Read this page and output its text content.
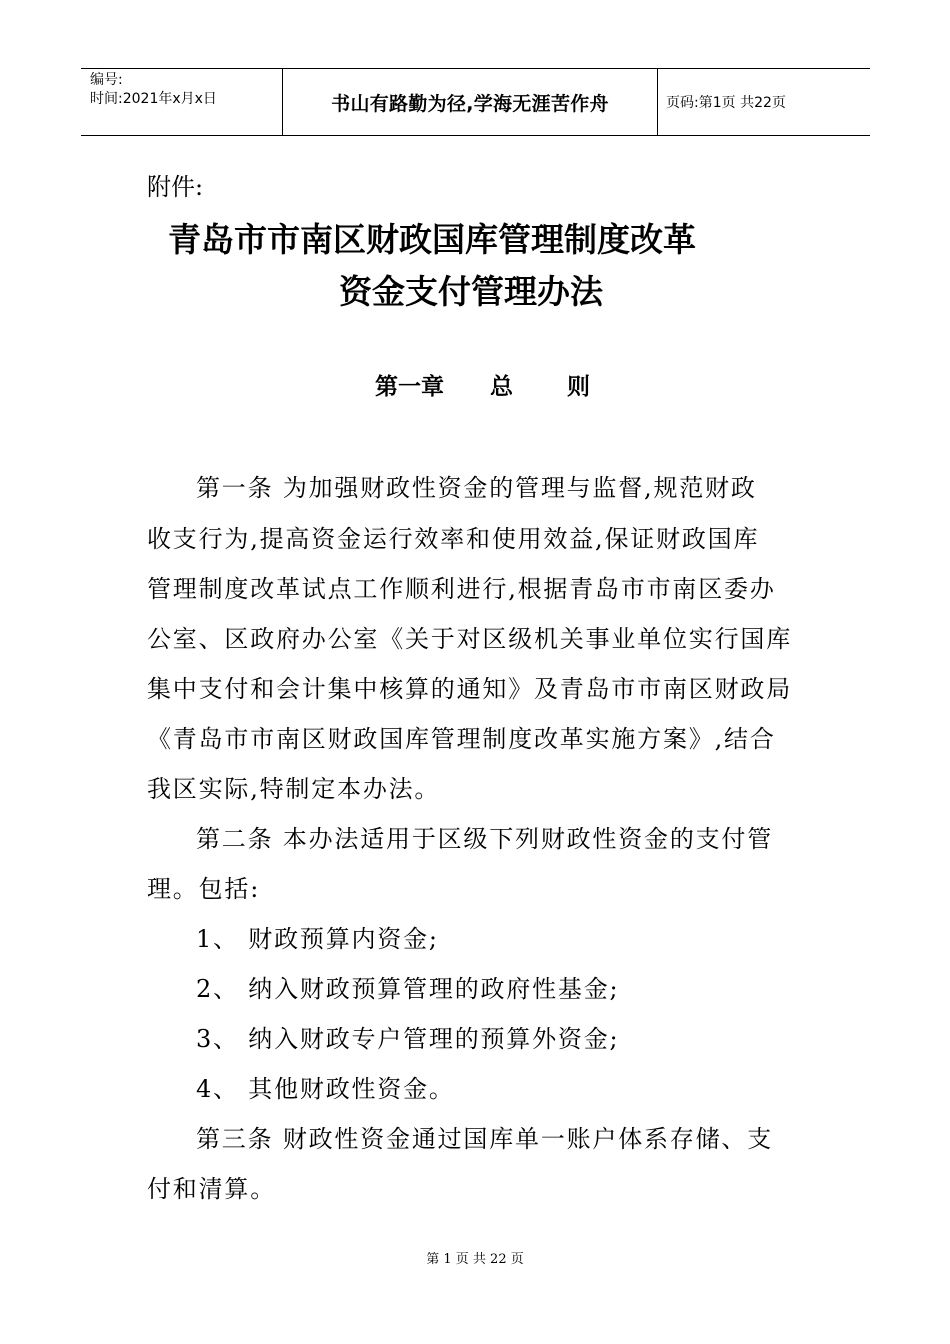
编号:
时间:2021年x月x日	书山有路勤为径,学海无涯苦作舟	页码:第1页 共22页
附件:
青岛市市南区财政国库管理制度改革
资金支付管理办法
第一章 总 则
第一条 为加强财政性资金的管理与监督,规范财政
收支行为,提高资金运行效率和使用效益,保证财政国库
管理制度改革试点工作顺利进行,根据青岛市市南区委办
公室、区政府办公室《关于对区级机关事业单位实行国库
集中支付和会计集中核算的通知》及青岛市市南区财政局
《青岛市市南区财政国库管理制度改革实施方案》,结合
我区实际,特制定本办法。
第二条 本办法适用于区级下列财政性资金的支付管
理。包括:
1、 财政预算内资金;
2、 纳入财政预算管理的政府性基金;
3、 纳入财政专户管理的预算外资金;
4、 其他财政性资金。
第三条 财政性资金通过国库单一账户体系存储、支
付和清算。
第 1 页 共 22 页
